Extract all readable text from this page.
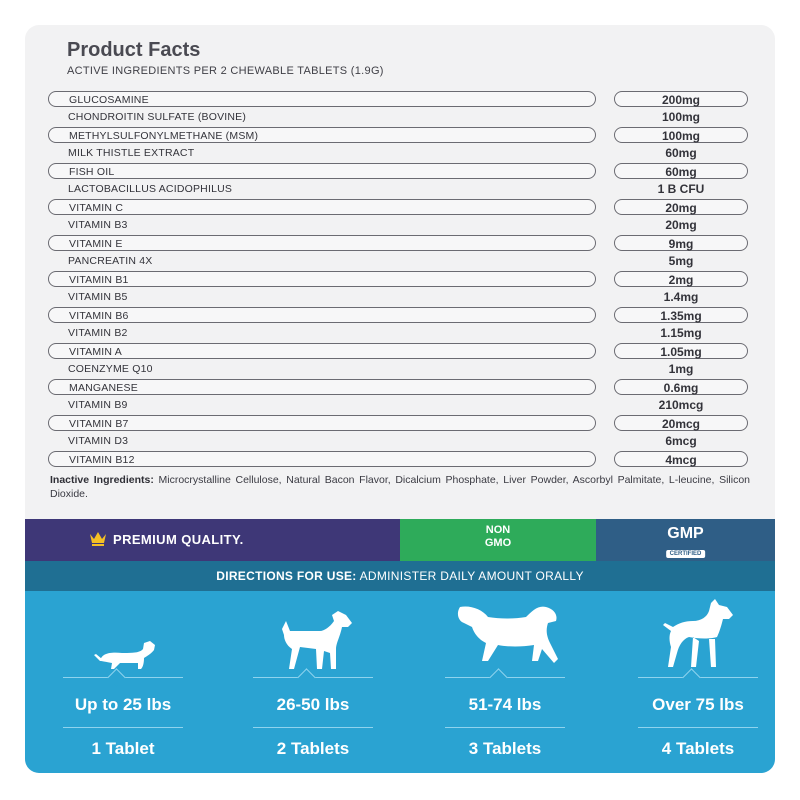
Product Facts
ACTIVE INGREDIENTS PER 2 CHEWABLE TABLETS (1.9G)
GLUCOSAMINE	200mg
CHONDROITIN SULFATE (BOVINE)	100mg
METHYLSULFONYLMETHANE (MSM)	100mg
MILK THISTLE EXTRACT	60mg
FISH OIL	60mg
LACTOBACILLUS ACIDOPHILUS	1 B CFU
VITAMIN C	20mg
VITAMIN B3	20mg
VITAMIN E	9mg
PANCREATIN 4X	5mg
VITAMIN B1	2mg
VITAMIN B5	1.4mg
VITAMIN B6	1.35mg
VITAMIN B2	1.15mg
VITAMIN A	1.05mg
COENZYME Q10	1mg
MANGANESE	0.6mg
VITAMIN B9	210mcg
VITAMIN B7	20mcg
VITAMIN D3	6mcg
VITAMIN B12	4mcg
Inactive Ingredients: Microcrystalline Cellulose, Natural Bacon Flavor, Dicalcium Phosphate, Liver Powder, Ascorbyl Palmitate, L-leucine, Silicon Dioxide.
PREMIUM QUALITY.
NON
GMO
GMP
CERTIFIED
DIRECTIONS FOR USE: ADMINISTER DAILY AMOUNT ORALLY
Up to 25 lbs
1 Tablet
26-50 lbs
2 Tablets
51-74 lbs
3 Tablets
Over 75 lbs
4 Tablets
